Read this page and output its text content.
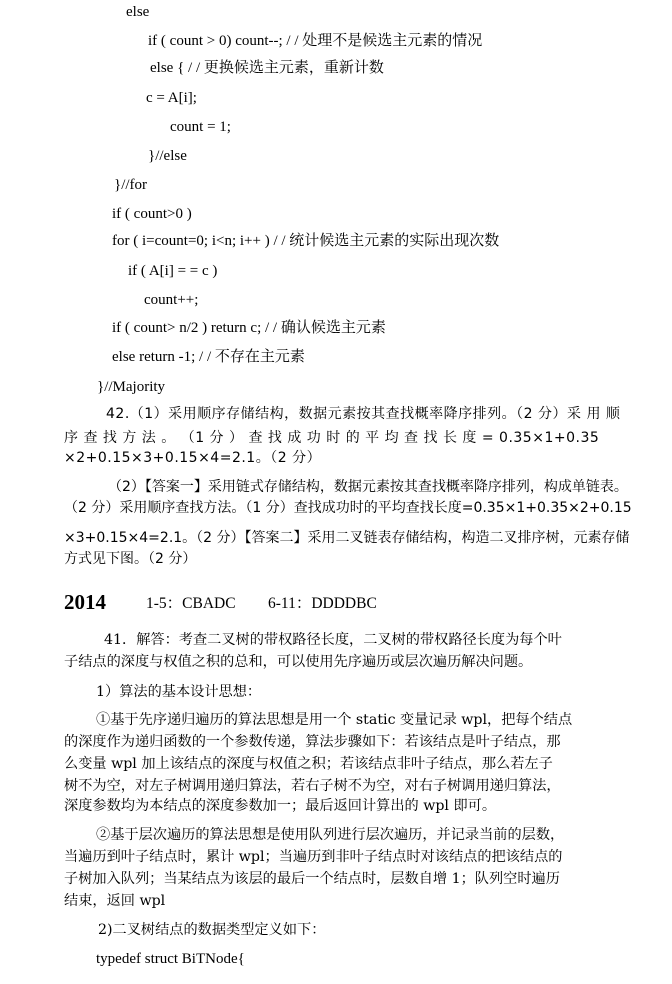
else
if ( count > 0) count--; / / 处理不是候选主元素的情况
else { / / 更换候选主元素，重新计数
c = A[i];
count = 1;
}//else
}//for
if ( count>0 )
for ( i=count=0; i<n; i++ ) / / 统计候选主元素的实际出现次数
if ( A[i] = = c )
count++;
if ( count> n/2 ) return c; / / 确认候选主元素
else return -1; / / 不存在主元素
}//Majority
42.（1）采用顺序存储结构，数据元素按其查找概率降序排列。（2 分）采 用 顺
序 查 找 方 法 。 （1 分 ） 查 找 成 功 时 的 平 均 查 找 长 度 = 0.35×1+0.35
×2+0.15×3+0.15×4=2.1。（2 分）
（2）【答案一】采用链式存储结构，数据元素按其查找概率降序排列，构成单链表。
（2 分）采用顺序查找方法。（1 分）查找成功时的平均查找长度=0.35×1+0.35×2+0.15
×3+0.15×4=2.1。（2 分）【答案二】采用二叉链表存储结构，构造二叉排序树，元素存储
方式见下图。（2 分）
2014	1-5：CBADC 6-11：DDDDBC
41．解答：考查二叉树的带权路径长度，二叉树的带权路径长度为每个叶
子结点的深度与权值之积的总和，可以使用先序遍历或层次遍历解决问题。
1）算法的基本设计思想：
①基于先序递归遍历的算法思想是用一个 static 变量记录 wpl，把每个结点
的深度作为递归函数的一个参数传递，算法步骤如下：若该结点是叶子结点，那
么变量 wpl 加上该结点的深度与权值之积；若该结点非叶子结点，那么若左子
树不为空，对左子树调用递归算法，若右子树不为空，对右子树调用递归算法，
深度参数均为本结点的深度参数加一；最后返回计算出的 wpl 即可。
②基于层次遍历的算法思想是使用队列进行层次遍历，并记录当前的层数，
当遍历到叶子结点时，累计 wpl；当遍历到非叶子结点时对该结点的把该结点的
子树加入队列；当某结点为该层的最后一个结点时，层数自增 1；队列空时遍历
结束，返回 wpl
2)二叉树结点的数据类型定义如下：
typedef struct BiTNode{
